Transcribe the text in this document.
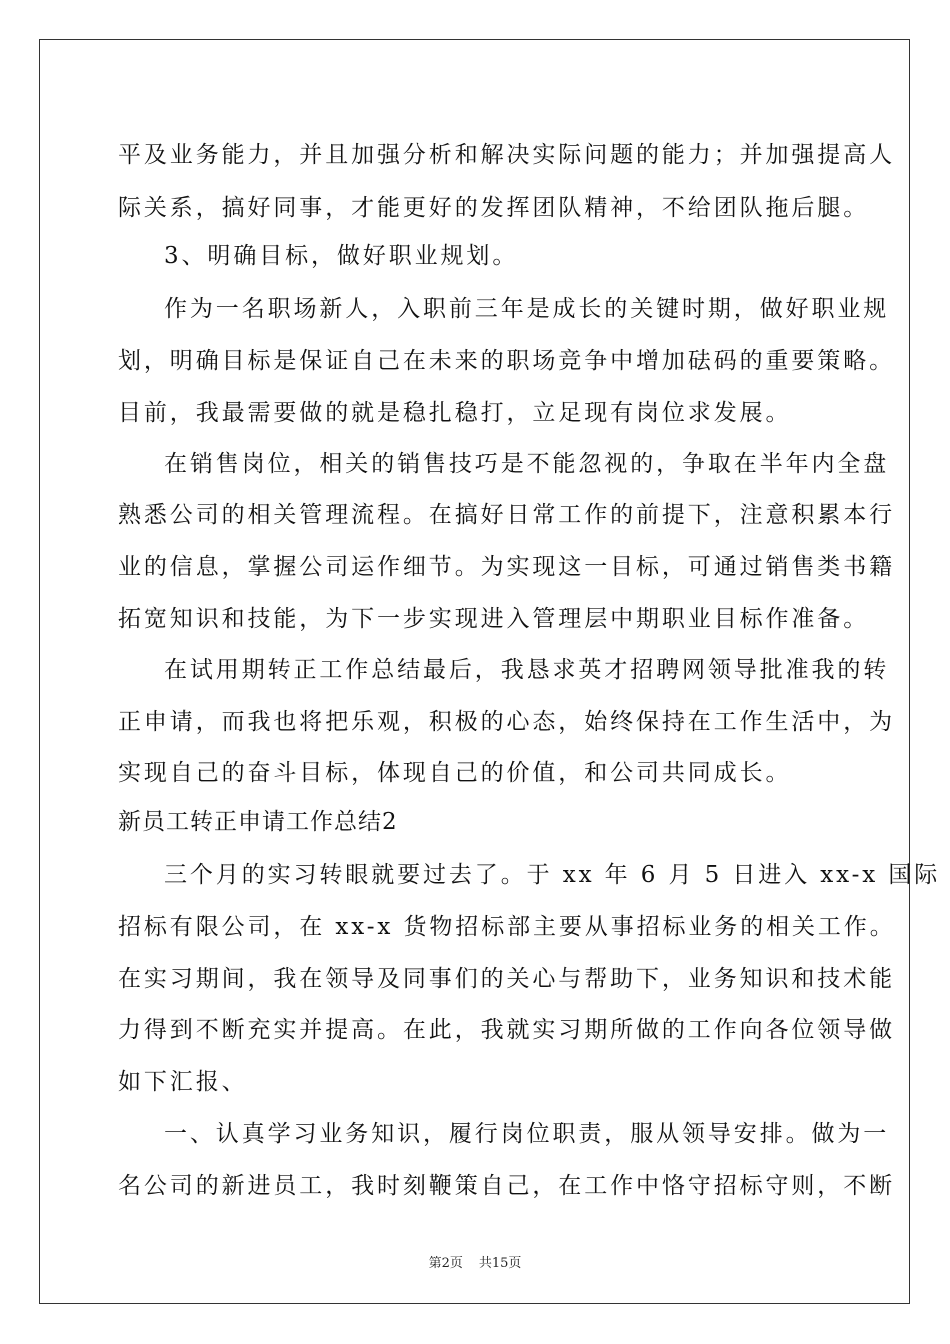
平及业务能力，并且加强分析和解决实际问题的能力；并加强提高人
际关系，搞好同事，才能更好的发挥团队精神，不给团队拖后腿。
3、明确目标，做好职业规划。
作为一名职场新人，入职前三年是成长的关键时期，做好职业规
划，明确目标是保证自己在未来的职场竞争中增加砝码的重要策略。
目前，我最需要做的就是稳扎稳打，立足现有岗位求发展。
在销售岗位，相关的销售技巧是不能忽视的，争取在半年内全盘
熟悉公司的相关管理流程。在搞好日常工作的前提下，注意积累本行
业的信息，掌握公司运作细节。为实现这一目标，可通过销售类书籍
拓宽知识和技能，为下一步实现进入管理层中期职业目标作准备。
在试用期转正工作总结最后，我恳求英才招聘网领导批准我的转
正申请，而我也将把乐观，积极的心态，始终保持在工作生活中，为
实现自己的奋斗目标，体现自己的价值，和公司共同成长。
新员工转正申请工作总结2
三个月的实习转眼就要过去了。于 xx 年 6 月 5 日进入 xx-x 国际
招标有限公司，在 xx-x 货物招标部主要从事招标业务的相关工作。
在实习期间，我在领导及同事们的关心与帮助下，业务知识和技术能
力得到不断充实并提高。在此，我就实习期所做的工作向各位领导做
如下汇报、
一、认真学习业务知识，履行岗位职责，服从领导安排。做为一
名公司的新进员工，我时刻鞭策自己，在工作中恪守招标守则，不断
第2页 共15页
